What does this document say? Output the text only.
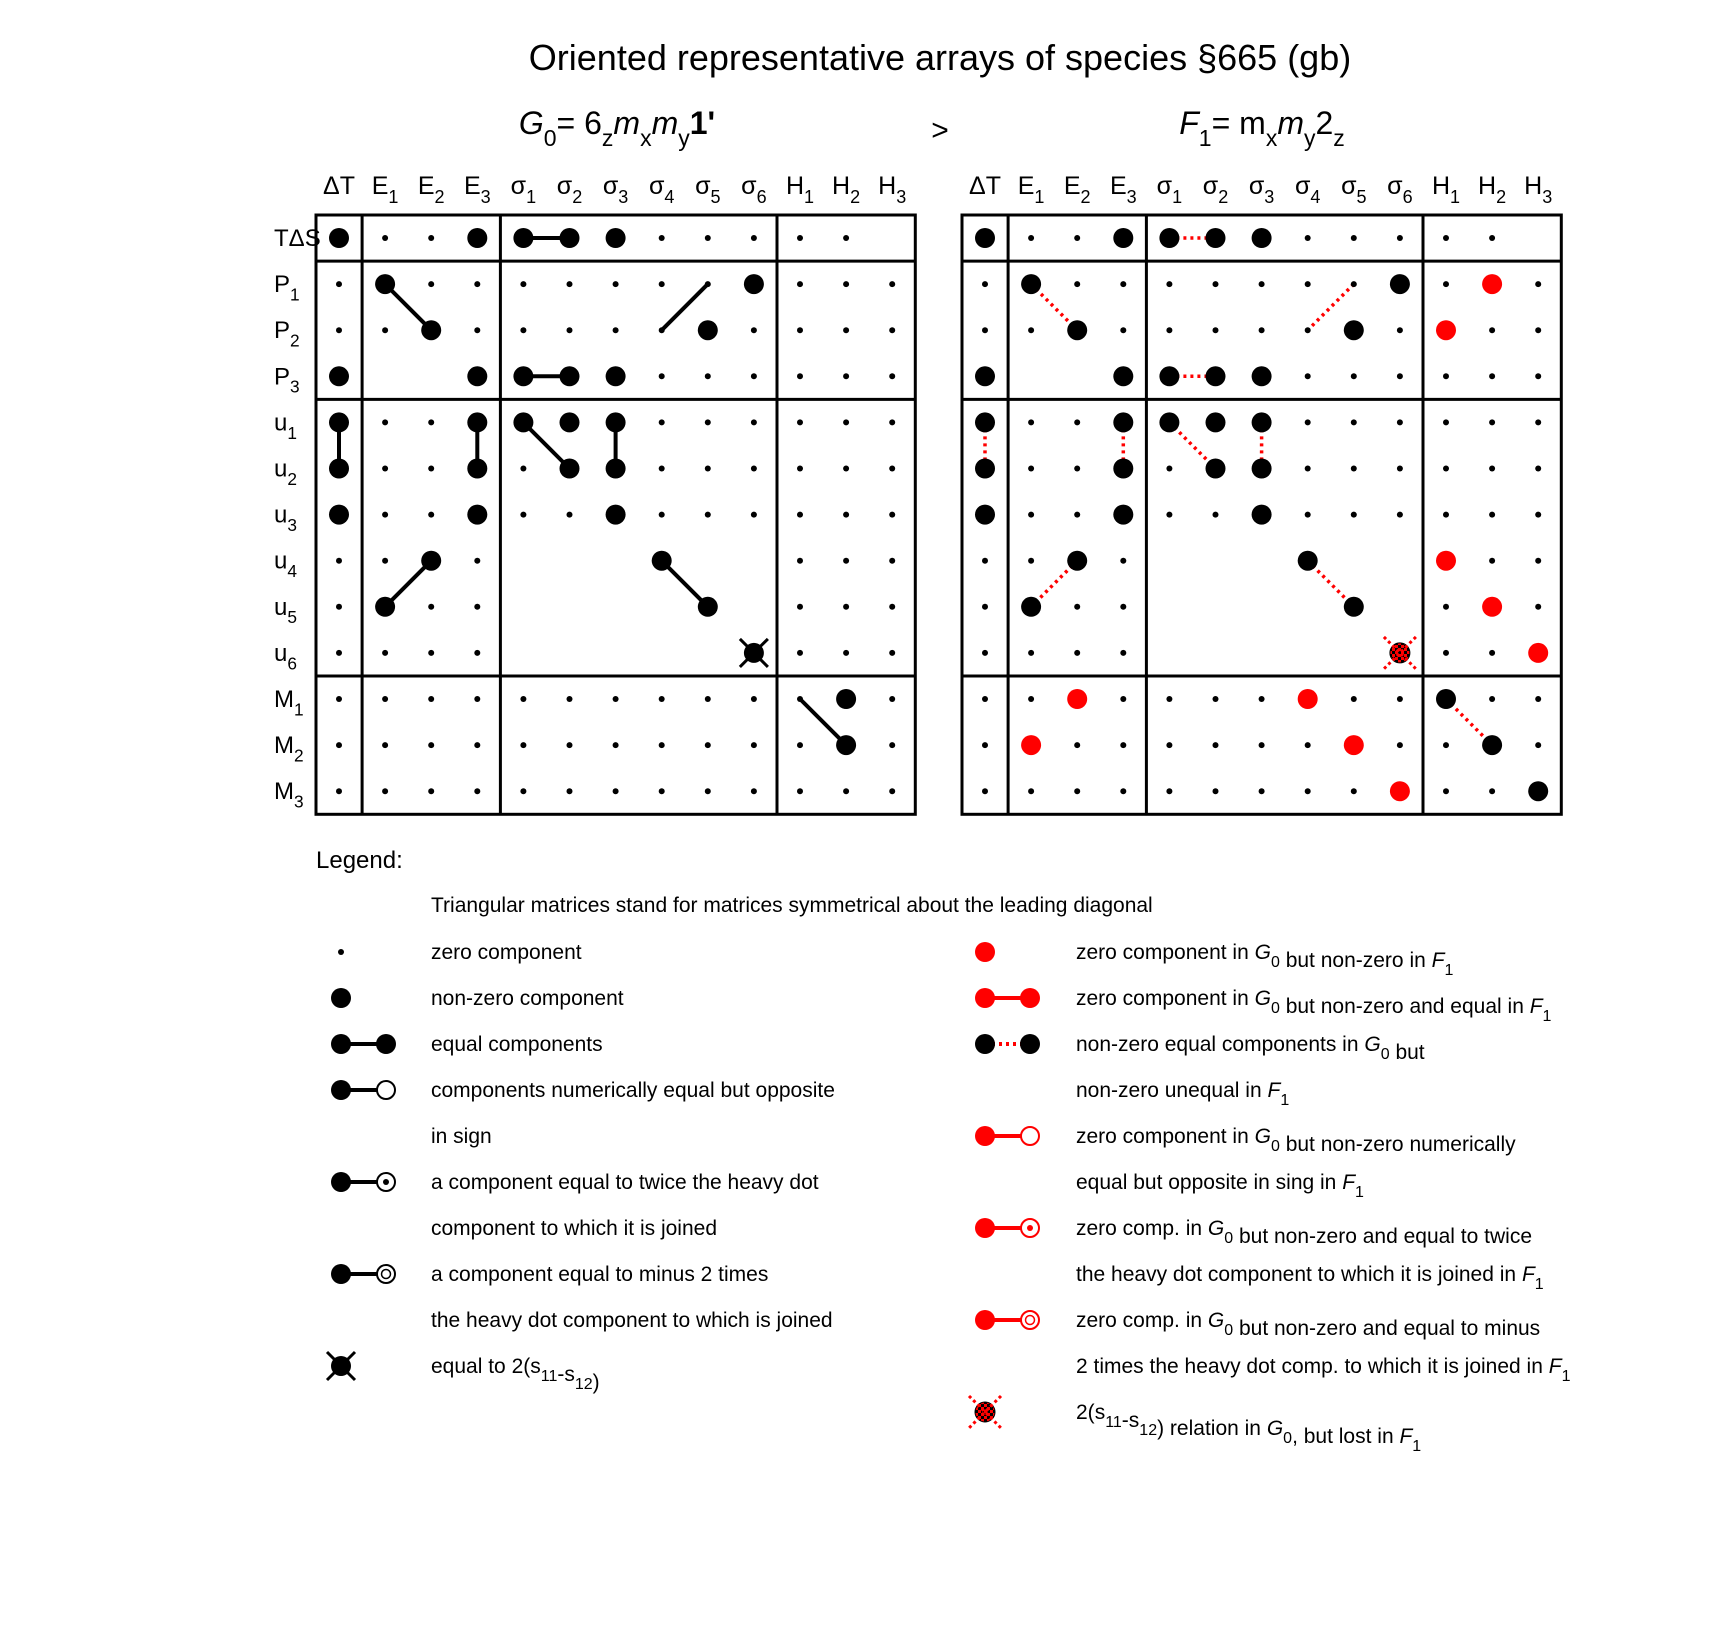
Oriented representative arrays of species §665 (gb)
>
$G_0= 6_zm_xm_y1'$	$F_1= m_xm_y2_z$
ΔT $E_1$ $E_2$ $E_3$ $\sigma_1$ $\sigma_2$ $\sigma_3$ $\sigma_4$ $\sigma_5$ $\sigma_6$ $H_1$ $H_2$ $H_3$
TΔS
$P_1$
$P_2$
$P_3$
$u_1$
$u_2$
$u_3$
$u_4$
$u_5$
$u_6$
$M_1$
$M_2$
$M_3$
ΔT $E_1$ $E_2$ $E_3$ $\sigma_1$ $\sigma_2$ $\sigma_3$ $\sigma_4$ $\sigma_5$ $\sigma_6$ $H_1$ $H_2$ $H_3$
Legend:
Triangular matrices stand for matrices symmetrical about the leading diagonal
zero component
non-zero component
equal components
components numerically equal but opposite
in sign
a component equal to twice the heavy dot
component to which it is joined
a component equal to minus 2 times
the heavy dot component to which is joined
equal to $2(s_{11}-s_{12})$
zero component in $G_0$ but non-zero in $F_1$
zero component in $G_0$ but non-zero and equal in $F_1$
non-zero equal components in $G_0$ but
non-zero unequal in $F_1$
zero component in $G_0$ but non-zero numerically
equal but opposite in sing in $F_1$
zero comp. in $G_0$ but non-zero and equal to twice
the heavy dot component to which it is joined in $F_1$
zero comp. in $G_0$ but non-zero and equal to minus
2 times the heavy dot comp. to which it is joined in $F_1$
$2(s_{11}-s_{12})$ relation in $G_0$, but lost in $F_1$
